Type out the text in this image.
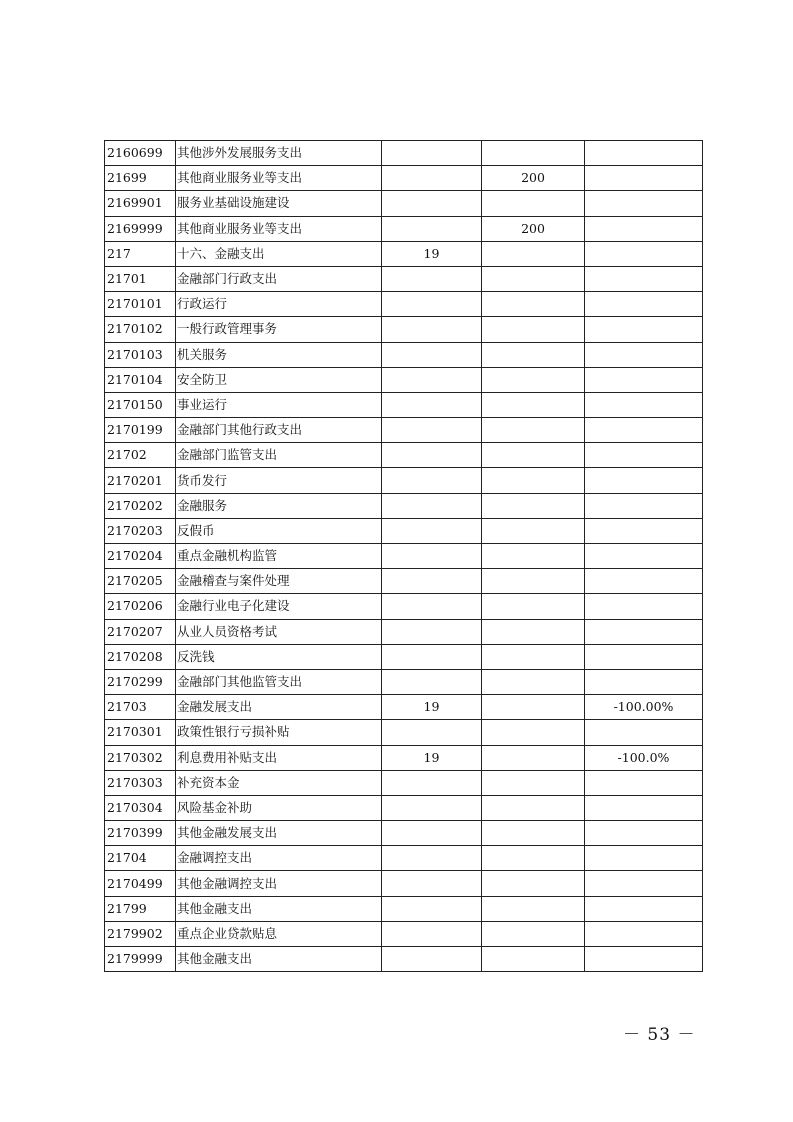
2160699	其他涉外发展服务支出			
21699	其他商业服务业等支出		200	
2169901	服务业基础设施建设			
2169999	其他商业服务业等支出		200	
217	十六、金融支出	19		
21701	金融部门行政支出			
2170101	行政运行			
2170102	一般行政管理事务			
2170103	机关服务			
2170104	安全防卫			
2170150	事业运行			
2170199	金融部门其他行政支出			
21702	金融部门监管支出			
2170201	货币发行			
2170202	金融服务			
2170203	反假币			
2170204	重点金融机构监管			
2170205	金融稽查与案件处理			
2170206	金融行业电子化建设			
2170207	从业人员资格考试			
2170208	反洗钱			
2170299	金融部门其他监管支出			
21703	金融发展支出	19		-100.00%
2170301	政策性银行亏损补贴			
2170302	利息费用补贴支出	19		-100.0%
2170303	补充资本金			
2170304	风险基金补助			
2170399	其他金融发展支出			
21704	金融调控支出			
2170499	其他金融调控支出			
21799	其他金融支出			
2179902	重点企业贷款贴息			
2179999	其他金融支出			
－ 53 －
